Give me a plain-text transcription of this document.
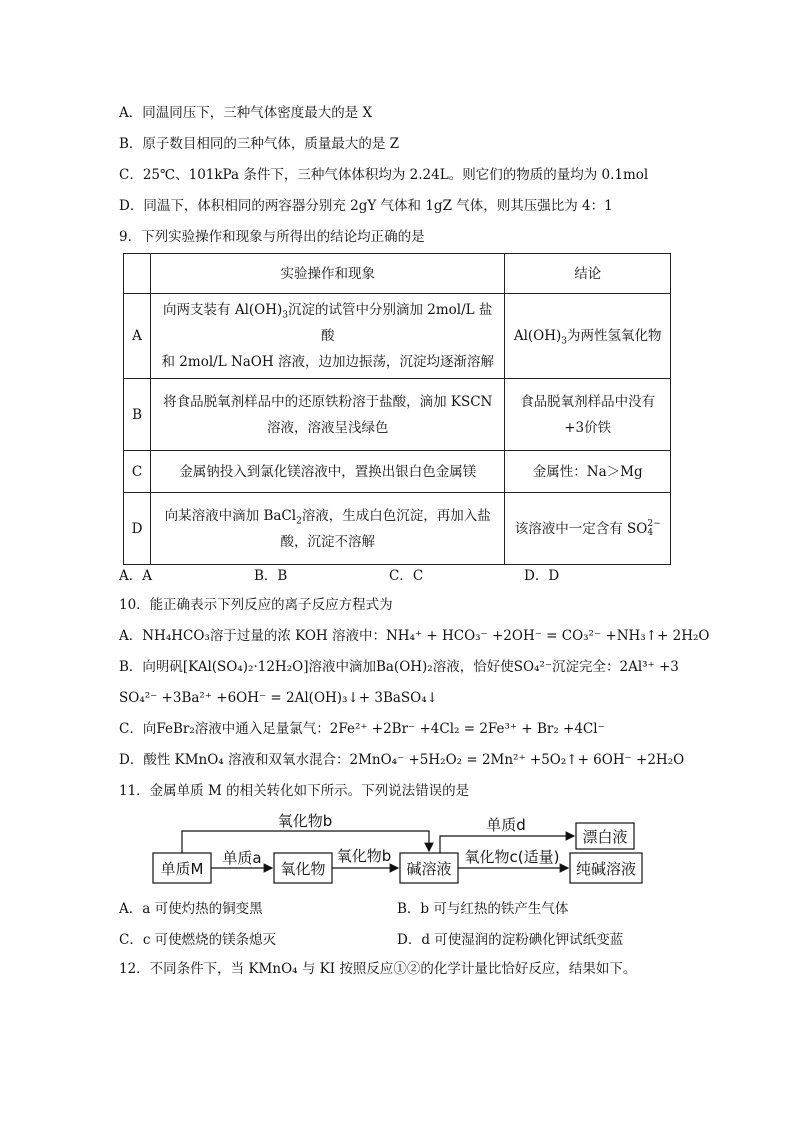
A．同温同压下，三种气体密度最大的是 X
B．原子数目相同的三种气体，质量最大的是 Z
C．25℃、101kPa 条件下，三种气体体积均为 2.24L。则它们的物质的量均为 0.1mol
D．同温下，体积相同的两容器分别充 2gY 气体和 1gZ 气体，则其压强比为 4：1
9．下列实验操作和现象与所得出的结论均正确的是
	实验操作和现象	结论
A	向两支装有 $Al(OH)_3$沉淀的试管中分别滴加 2mol/L 盐酸
和 2mol/L NaOH 溶液，边加边振荡，沉淀均逐渐溶解	$Al(OH)_3$为两性氢氧化物
B	将食品脱氧剂样品中的还原铁粉溶于盐酸，滴加 KSCN
溶液，溶液呈浅绿色	食品脱氧剂样品中没有
+3价铁
C	金属钠投入到氯化镁溶液中，置换出银白色金属镁	金属性：Na＞Mg
D	向某溶液中滴加 BaCl$_2$溶液，生成白色沉淀，再加入盐
酸，沉淀不溶解	该溶液中一定含有 SO2−
4
A．A	B．B	C．C	D．D
10．能正确表示下列反应的离子反应方程式为
A．NH₄HCO₃溶于过量的浓 KOH 溶液中：NH₄⁺ + HCO₃⁻ +2OH⁻ = CO₃²⁻ +NH₃↑+ 2H₂O
B．向明矾[KAl(SO₄)₂·12H₂O]溶液中滴加Ba(OH)₂溶液，恰好使SO₄²⁻沉淀完全：2Al³⁺ +3
SO₄²⁻ +3Ba²⁺ +6OH⁻ = 2Al(OH)₃↓+ 3BaSO₄↓
C．向FeBr₂溶液中通入足量氯气：2Fe²⁺ +2Br⁻ +4Cl₂ = 2Fe³⁺ + Br₂ +4Cl⁻
D．酸性 KMnO₄ 溶液和双氧水混合：2MnO₄⁻ +5H₂O₂ = 2Mn²⁺ +5O₂↑+ 6OH⁻ +2H₂O
11．金属单质 M 的相关转化如下所示。下列说法错误的是
单质M	氧化物	碱溶液
漂白液
纯碱溶液
单质a	氧化物b
氧化物b	单质d
氧化物c(适量)
A．a 可使灼热的铜变黑	B．b 可与红热的铁产生气体
C．c 可使燃烧的镁条熄灭	D．d 可使湿润的淀粉碘化钾试纸变蓝
12．不同条件下，当 KMnO₄ 与 KI 按照反应①②的化学计量比恰好反应，结果如下。
